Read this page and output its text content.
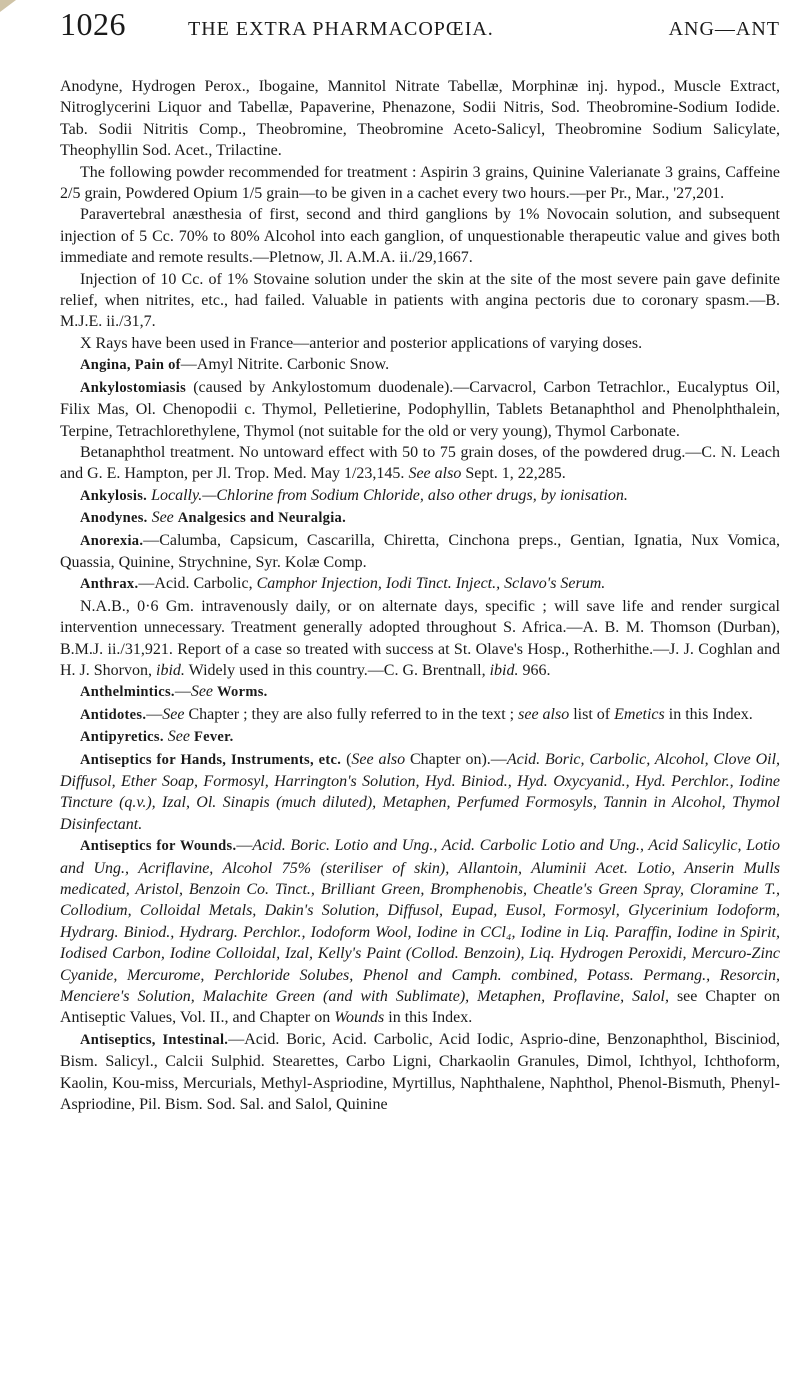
1026	THE EXTRA PHARMACOPŒIA.	ANG—ANT

Anodyne, Hydrogen Perox., Ibogaine, Mannitol Nitrate Tabellæ, Morphinæ inj. hypod., Muscle Extract, Nitroglycerini Liquor and Tabellæ, Papaverine, Phenazone, Sodii Nitris, Sod. Theobromine-Sodium Iodide. Tab. Sodii Nitritis Comp., Theobromine, Theobromine Aceto-Salicyl, Theobromine Sodium Salicylate, Theophyllin Sod. Acet., Trilactine.

The following powder recommended for treatment : Aspirin 3 grains, Quinine Valerianate 3 grains, Caffeine 2/5 grain, Powdered Opium 1/5 grain—to be given in a cachet every two hours.—per Pr., Mar., '27,201.

Paravertebral anæsthesia of first, second and third ganglions by 1% Novocain solution, and subsequent injection of 5 Cc. 70% to 80% Alcohol into each ganglion, of unquestionable therapeutic value and gives both immediate and remote results.—Pletnow, Jl. A.M.A. ii./29,1667.

Injection of 10 Cc. of 1% Stovaine solution under the skin at the site of the most severe pain gave definite relief, when nitrites, etc., had failed. Valuable in patients with angina pectoris due to coronary spasm.—B. M.J.E. ii./31,7.

X Rays have been used in France—anterior and posterior applications of varying doses.

Angina, Pain of—Amyl Nitrite. Carbonic Snow.

Ankylostomiasis (caused by Ankylostomum duodenale).—Carvacrol, Carbon Tetrachlor., Eucalyptus Oil, Filix Mas, Ol. Chenopodii c. Thymol, Pelletierine, Podophyllin, Tablets Betanaphthol and Phenolphthalein, Terpine, Tetrachlorethylene, Thymol (not suitable for the old or very young), Thymol Carbonate.

Betanaphthol treatment. No untoward effect with 50 to 75 grain doses, of the powdered drug.—C. N. Leach and G. E. Hampton, per Jl. Trop. Med. May 1/23,145. See also Sept. 1, 22,285.

Ankylosis. Locally.—Chlorine from Sodium Chloride, also other drugs, by ionisation.

Anodynes. See Analgesics and Neuralgia.

Anorexia.—Calumba, Capsicum, Cascarilla, Chiretta, Cinchona preps., Gentian, Ignatia, Nux Vomica, Quassia, Quinine, Strychnine, Syr. Kolæ Comp.

Anthrax.—Acid. Carbolic, Camphor Injection, Iodi Tinct. Inject., Sclavo's Serum.

N.A.B., 0·6 Gm. intravenously daily, or on alternate days, specific ; will save life and render surgical intervention unnecessary. Treatment generally adopted throughout S. Africa.—A. B. M. Thomson (Durban), B.M.J. ii./31,921. Report of a case so treated with success at St. Olave's Hosp., Rotherhithe.—J. J. Coghlan and H. J. Shorvon, ibid. Widely used in this country.—C. G. Brentnall, ibid. 966.

Anthelmintics.—See Worms.

Antidotes.—See Chapter ; they are also fully referred to in the text ; see also list of Emetics in this Index.

Antipyretics. See Fever.

Antiseptics for Hands, Instruments, etc. (See also Chapter on).—Acid. Boric, Carbolic, Alcohol, Clove Oil, Diffusol, Ether Soap, Formosyl, Harrington's Solution, Hyd. Biniod., Hyd. Oxycyanid., Hyd. Perchlor., Iodine Tincture (q.v.), Izal, Ol. Sinapis (much diluted), Metaphen, Perfumed Formosyls, Tannin in Alcohol, Thymol Disinfectant.

Antiseptics for Wounds.—Acid. Boric. Lotio and Ung., Acid. Carbolic Lotio and Ung., Acid Salicylic, Lotio and Ung., Acriflavine, Alcohol 75% (steriliser of skin), Allantoin, Aluminii Acet. Lotio, Anserin Mulls medicated, Aristol, Benzoin Co. Tinct., Brilliant Green, Bromphenobis, Cheatle's Green Spray, Cloramine T., Collodium, Colloidal Metals, Dakin's Solution, Diffusol, Eupad, Eusol, Formosyl, Glycerinium Iodoform, Hydrarg. Biniod., Hydrarg. Perchlor., Iodoform Wool, Iodine in CCl₄, Iodine in Liq. Paraffin, Iodine in Spirit, Iodised Carbon, Iodine Colloidal, Izal, Kelly's Paint (Collod. Benzoin), Liq. Hydrogen Peroxidi, Mercuro-Zinc Cyanide, Mercurome, Perchloride Solubes, Phenol and Camph. combined, Potass. Permang., Resorcin, Menciere's Solution, Malachite Green (and with Sublimate), Metaphen, Proflavine, Salol, see Chapter on Antiseptic Values, Vol. II., and Chapter on Wounds in this Index.

Antiseptics, Intestinal.—Acid. Boric, Acid. Carbolic, Acid Iodic, Asprio-dine, Benzonaphthol, Bisciniod, Bism. Salicyl., Calcii Sulphid. Stearettes, Carbo Ligni, Charkaolin Granules, Dimol, Ichthyol, Ichthoform, Kaolin, Kou-miss, Mercurials, Methyl-Aspriodine, Myrtillus, Naphthalene, Naphthol, Phenol-Bismuth, Phenyl-Aspriodine, Pil. Bism. Sod. Sal. and Salol, Quinine
